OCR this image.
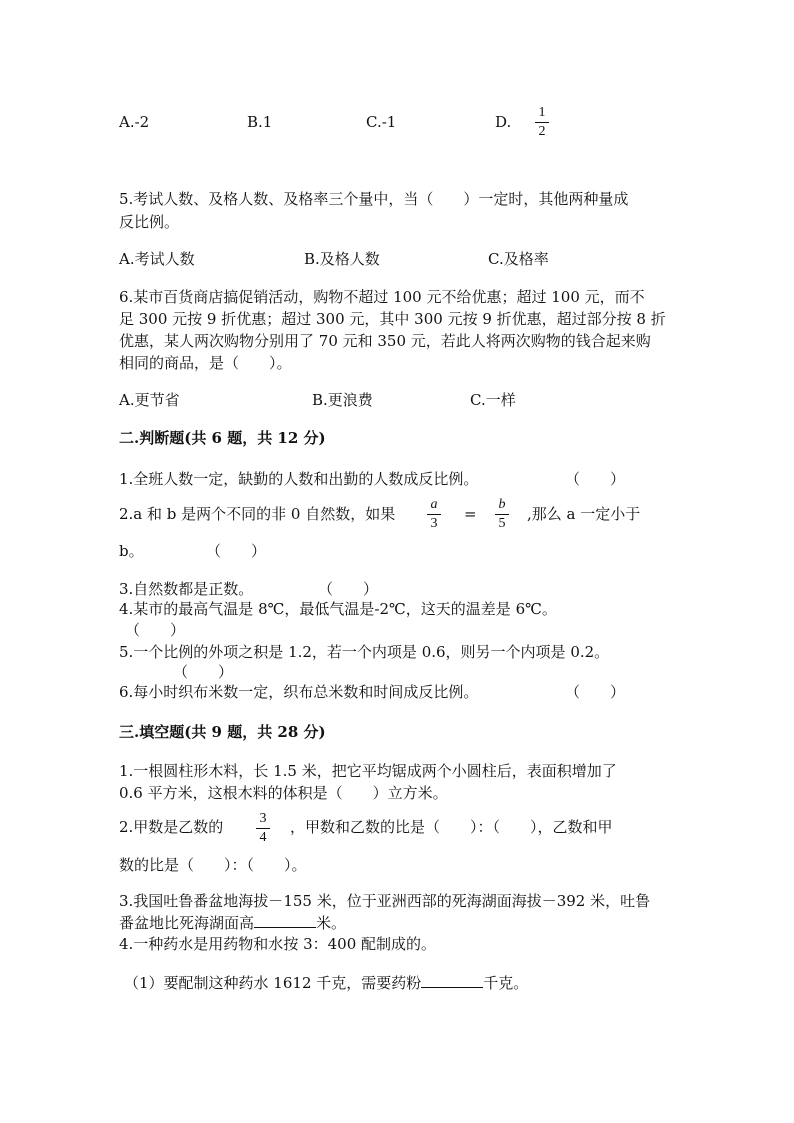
A.-2	B.1	C.-1	D.
1
2
5.考试人数、及格人数、及格率三个量中，当（　　）一定时，其他两种量成
反比例。
A.考试人数	B.及格人数	C.及格率
6.某市百货商店搞促销活动，购物不超过 100 元不给优惠；超过 100 元，而不
足 300 元按 9 折优惠；超过 300 元，其中 300 元按 9 折优惠，超过部分按 8 折
优惠，某人两次购物分别用了 70 元和 350 元，若此人将两次购物的钱合起来购
相同的商品，是（　　）。
A.更节省	B.更浪费	C.一样
二.判断题(共 6 题，共 12 分)
1.全班人数一定，缺勤的人数和出勤的人数成反比例。	（　　）
2.a 和 b 是两个不同的非 0 自然数，如果
a
3
=
b
5
,那么 a 一定小于
b。	（　　）
3.自然数都是正数。	（　　）
4.某市的最高气温是 8℃，最低气温是-2℃，这天的温差是 6℃。
（　　）
5.一个比例的外项之积是 1.2，若一个内项是 0.6，则另一个内项是 0.2。
（　　）
6.每小时织布米数一定，织布总米数和时间成反比例。	（　　）
三.填空题(共 9 题，共 28 分)
1.一根圆柱形木料，长 1.5 米，把它平均锯成两个小圆柱后，表面积增加了
0.6 平方米，这根木料的体积是（　　）立方米。
2.甲数是乙数的	3
4
，甲数和乙数的比是（　　）：（　　），乙数和甲
数的比是（　　）：（　　）。
3.我国吐鲁番盆地海拔－155 米，位于亚洲西部的死海湖面海拔－392 米，吐鲁
番盆地比死海湖面高	米。
4.一种药水是用药物和水按 3：400 配制成的。
（1）要配制这种药水 1612 千克，需要药粉	千克。
